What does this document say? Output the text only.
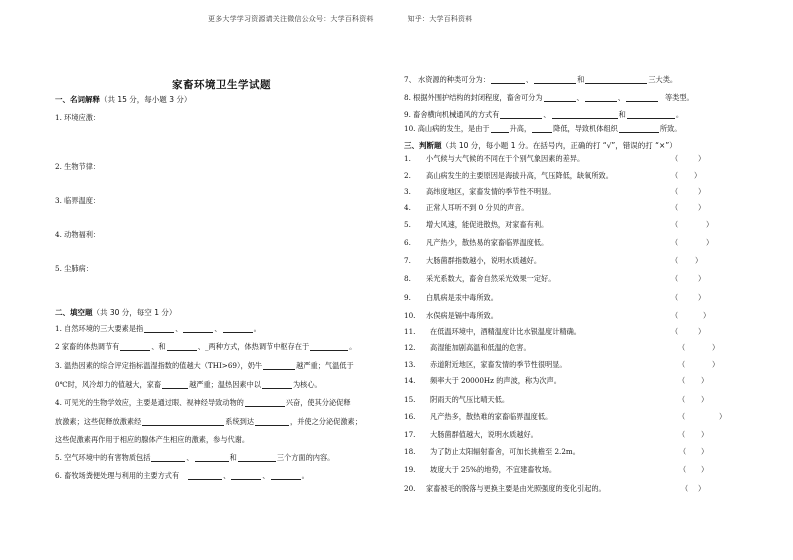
更多大学学习资源请关注微信公众号：大学百科资料	知乎：大学百科资料
家畜环境卫生学试题
一、名词解释（共 15 分，每小题 3 分）
1. 环境应激：
2. 生物节律：
3. 临界温度：
4. 动物福利：
5. 尘肺病：
二、填空题（共 30 分，每空 1 分）
1. 自然环境的三大要素是指	、	、	。
2 家畜的体热调节有	、和	、_两种方式，体热调节中枢存在于	。
3. 温热因素的综合评定指标温湿指数的值越大（THI>69），奶牛	越严重；气温低于
0℃时，风冷却力的值越大，家畜	越严重；温热因素中以	为核心。
4. 可见光的生物学效应，主要是通过眼、视神经导致动物的	兴奋，使其分泌促释
放激素；这些促释放激素经	系统到达	，并使之分泌促激素；
这些促激素再作用于相应的腺体产生相应的激素，参与代谢。
5. 空气环境中的有害物质包括	、	和	三个方面的内容。
6. 畜牧场粪便处理与利用的主要方式有	、	、	。
7、 水资源的种类可分为：	、	和	三大类。
8. 根据外围护结构的封闭程度，畜舍可分为	、	、	等类型。
9. 畜舍横向机械通风的方式有	、	和	。
10. 高山病的发生，是由于	升高，	降低，导致机体组织	所致。
三、判断题（共 10 分，每小题 1 分。在括号内，正确的打 “√”，错误的打 “×”）
1. 小气候与大气候的不同在于个别气象因素的差异。	（	）
2. 高山病发生的主要原因是海拔升高，气压降低，缺氧所致。	（ ）
3. 高纬度地区，家畜发情的季节性不明显。	（	）
4. 正常人耳听不到 0 分贝的声音。	（	）
5. 增大风速，能促进散热，对家畜有利。	（	）
6. 凡产热少，散热易的家畜临界温度低。	（	）
7. 大肠菌群指数越小，说明水质越好。	（ ）
8. 采光系数大，畜舍自然采光效果一定好。	（	）
9. 白肌病是汞中毒所致。	（	）
10. 水俣病是镉中毒所致。	（	）
11. 在低温环境中，酒精温度计比水银温度计精确。	（	）
12. 高湿能加剧高温和低温的危害。	（	）
13. 赤道附近地区，家畜发情的季节性很明显。	（	）
14. 频率大于 20000Hz 的声波，称为次声。	（ ）
15. 阴雨天的气压比晴天低。	（ ）
16. 凡产热多，散热难的家畜临界温度低。	（	）
17. 大肠菌群值越大，说明水质越好。	（ ）
18. 为了防止太阳辐射畜舍，可加长挑檐至 2.2m。	（ ）
19. 坡度大于 25%的地势，不宜建畜牧场。	（ ）
20. 家畜被毛的脱落与更换主要是由光照强度的变化引起的。	（ ）
